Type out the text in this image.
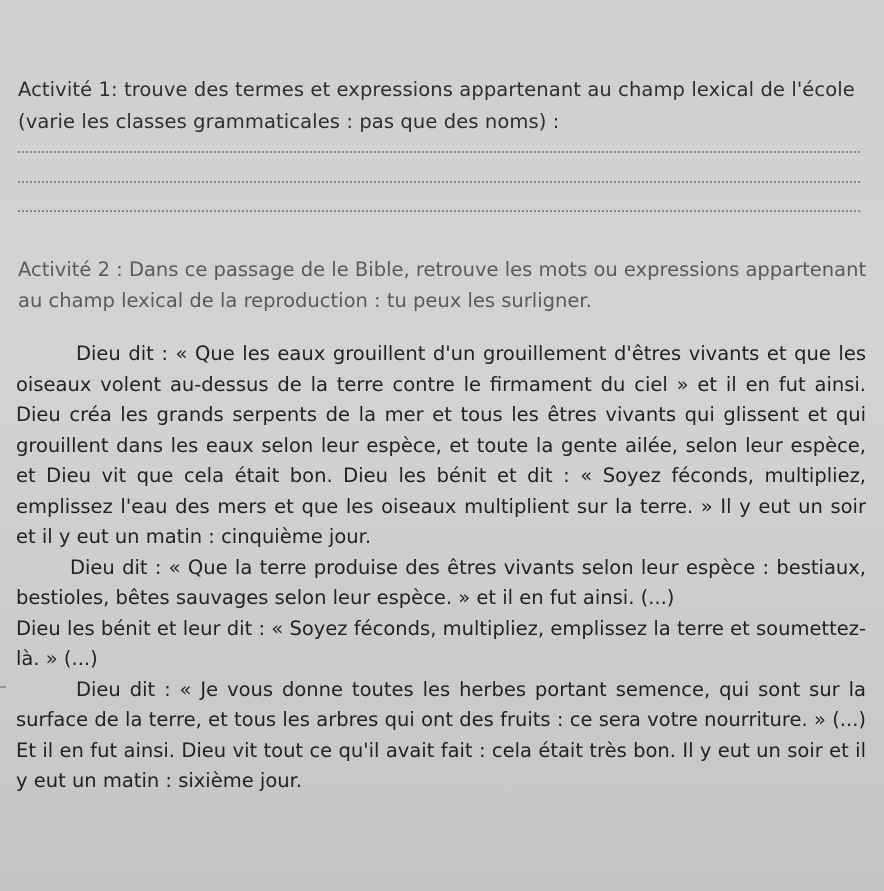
Activité 1: trouve des termes et expressions appartenant au champ lexical de l'école (varie les classes grammaticales : pas que des noms) :
Activité 2 : Dans ce passage de le Bible, retrouve les mots ou expressions appartenant au champ lexical de la reproduction : tu peux les surligner.

Dieu dit : « Que les eaux grouillent d'un grouillement d'êtres vivants et que les oiseaux volent au-dessus de la terre contre le firmament du ciel » et il en fut ainsi. Dieu créa les grands serpents de la mer et tous les êtres vivants qui glissent et qui grouillent dans les eaux selon leur espèce, et toute la gente ailée, selon leur espèce, et Dieu vit que cela était bon. Dieu les bénit et dit : « Soyez féconds, multipliez, emplissez l'eau des mers et que les oiseaux multiplient sur la terre. » Il y eut un soir et il y eut un matin : cinquième jour.

Dieu dit : « Que la terre produise des êtres vivants selon leur espèce : bestiaux, bestioles, bêtes sauvages selon leur espèce. » et il en fut ainsi. (...)

Dieu les bénit et leur dit : « Soyez féconds, multipliez, emplissez la terre et soumettez-là. » (...)

Dieu dit : « Je vous donne toutes les herbes portant semence, qui sont sur la surface de la terre, et tous les arbres qui ont des fruits : ce sera votre nourriture. » (...) Et il en fut ainsi. Dieu vit tout ce qu'il avait fait : cela était très bon. Il y eut un soir et il y eut un matin : sixième jour.
